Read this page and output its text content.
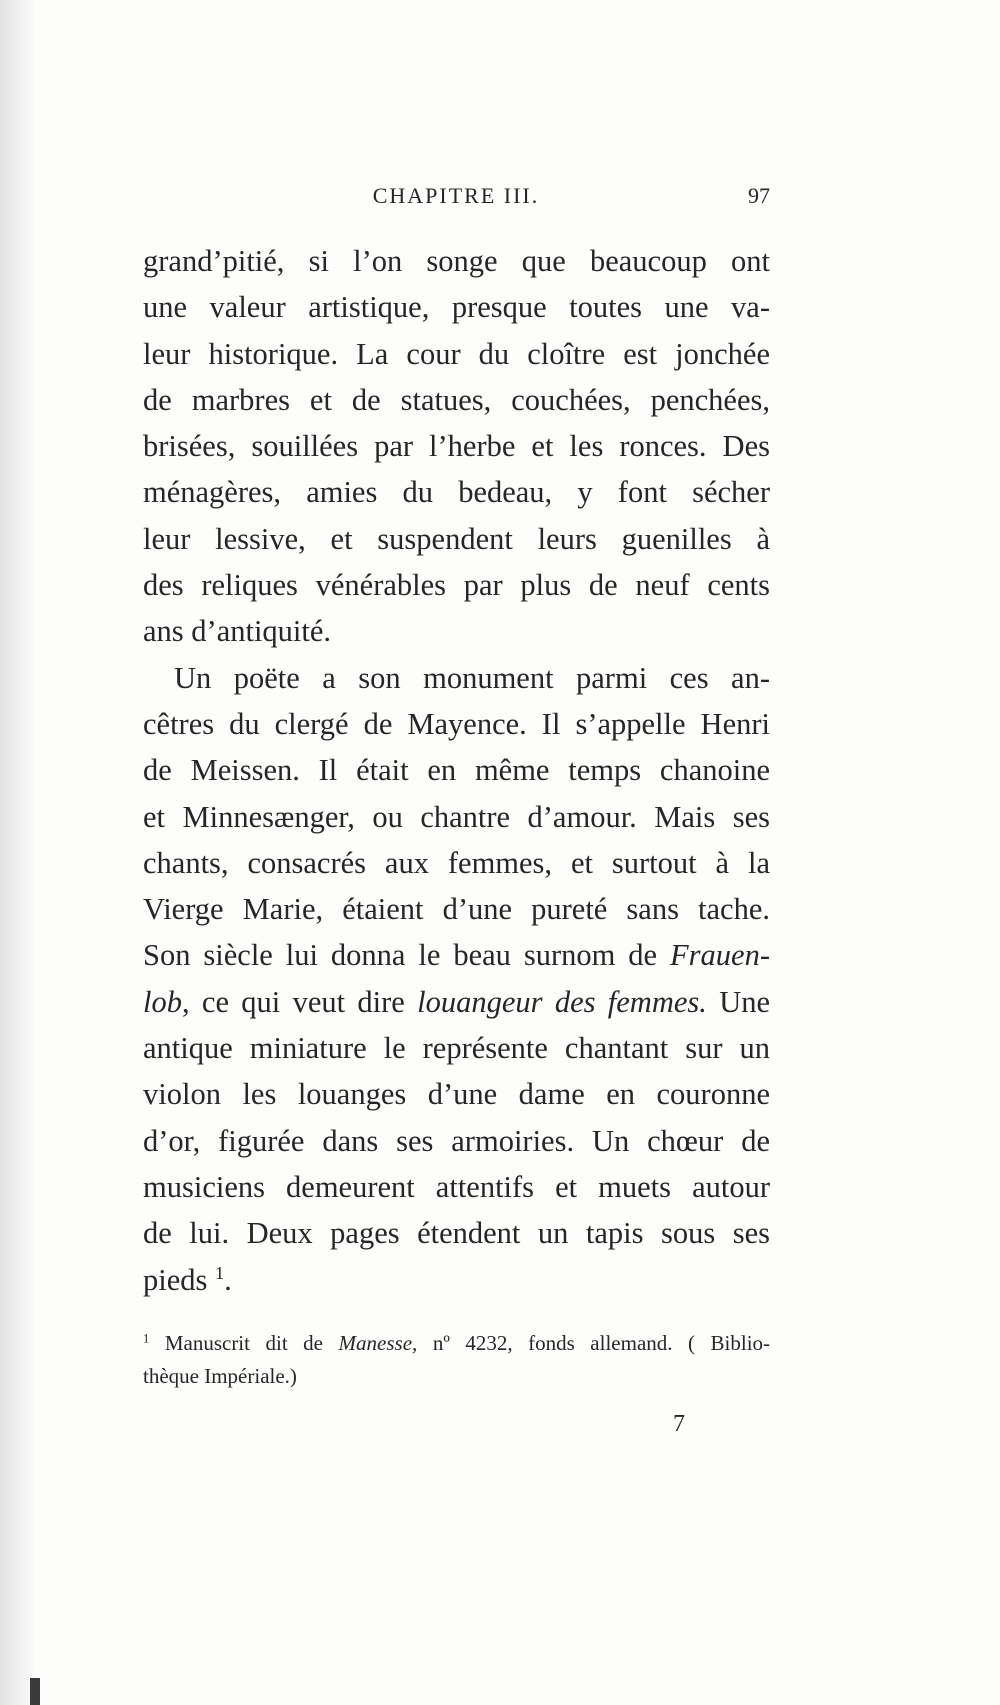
CHAPITRE III.	97
grand’pitié, si l’on songe que beaucoup ont
une valeur artistique, presque toutes une va-
leur historique. La cour du cloître est jonchée
de marbres et de statues, couchées, penchées,
brisées, souillées par l’herbe et les ronces. Des
ménagères, amies du bedeau, y font sécher
leur lessive, et suspendent leurs guenilles à
des reliques vénérables par plus de neuf cents
ans d’antiquité.
Un poëte a son monument parmi ces an-
cêtres du clergé de Mayence. Il s’appelle Henri
de Meissen. Il était en même temps chanoine
et Minnesænger, ou chantre d’amour. Mais ses
chants, consacrés aux femmes, et surtout à la
Vierge Marie, étaient d’une pureté sans tache.
Son siècle lui donna le beau surnom de Frauen-
lob, ce qui veut dire louangeur des femmes. Une
antique miniature le représente chantant sur un
violon les louanges d’une dame en couronne
d’or, figurée dans ses armoiries. Un chœur de
musiciens demeurent attentifs et muets autour
de lui. Deux pages étendent un tapis sous ses
pieds $^1$.
$^1$ Manuscrit dit de Manesse, nº 4232, fonds allemand. ( Biblio-
thèque Impériale.)
7
